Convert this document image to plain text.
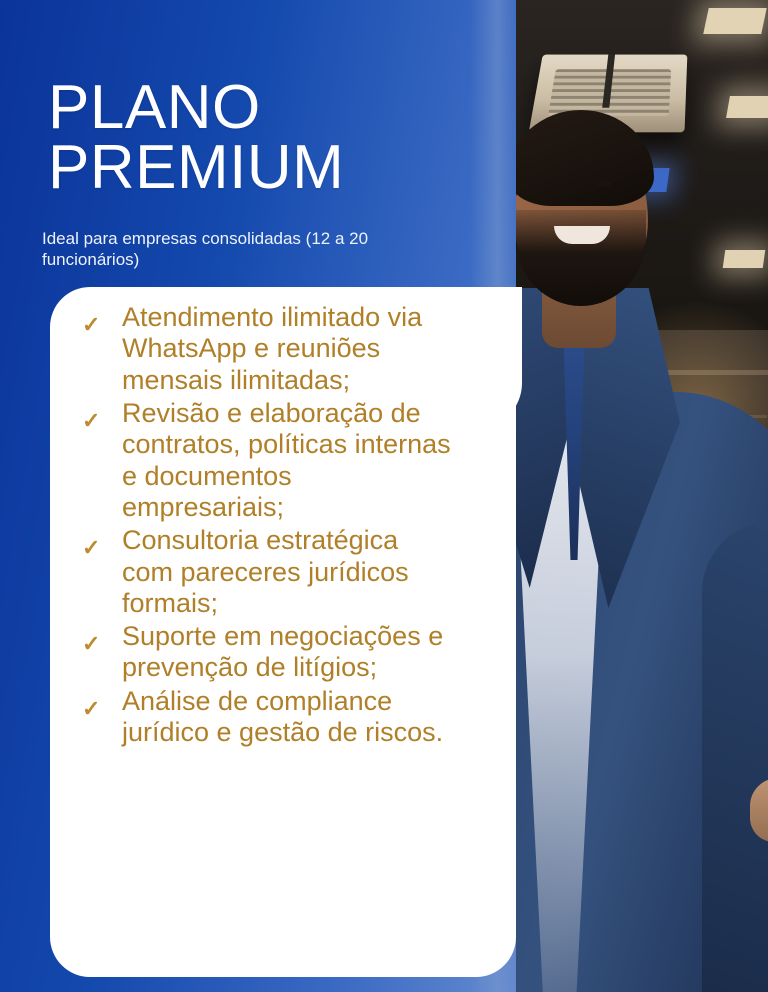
PLANO
PREMIUM
Ideal para empresas consolidadas (12 a 20 funcionários)
✓ Atendimento ilimitado via WhatsApp e reuniões mensais ilimitadas;
✓ Revisão e elaboração de contratos, políticas internas e documentos empresariais;
✓ Consultoria estratégica com pareceres jurídicos formais;
✓ Suporte em negociações e prevenção de litígios;
✓ Análise de compliance jurídico e gestão de riscos.
